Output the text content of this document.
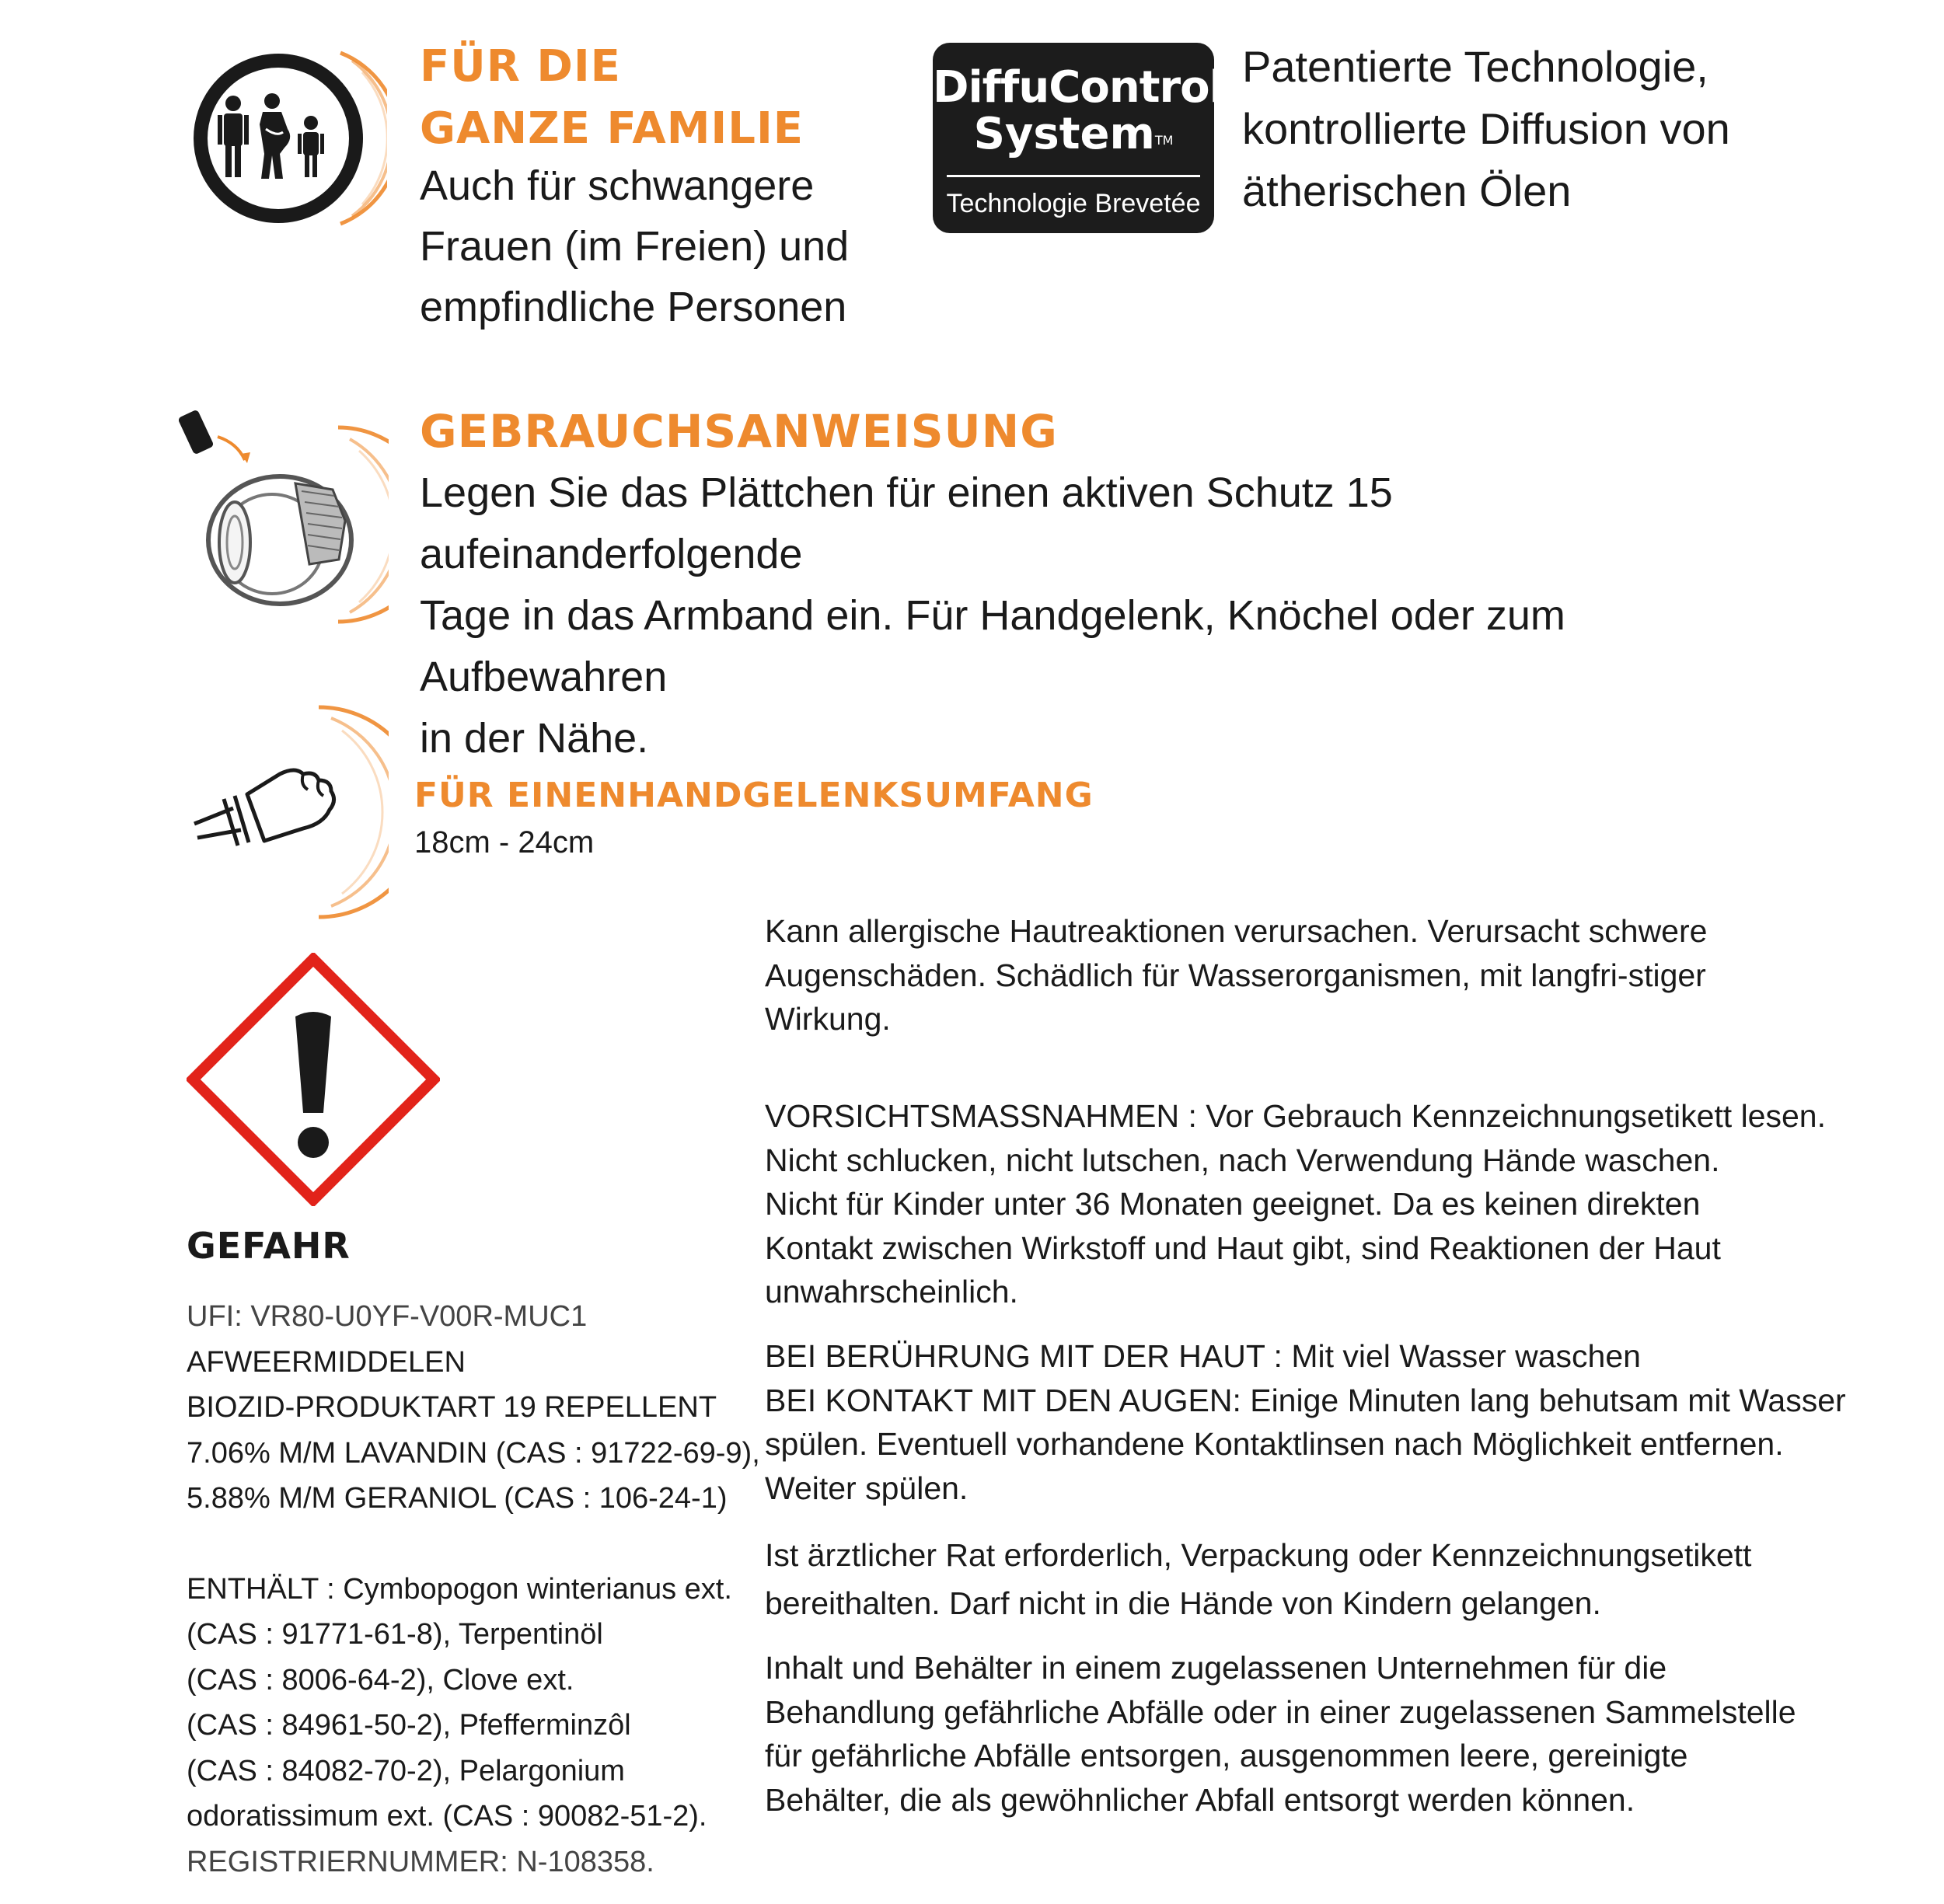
FÜR DIE
GANZE FAMILIE
Auch für schwangere
Frauen (im Freien) und
empfindliche Personen
DiffuControl
System™
Technologie Brevetée
Patentierte Technologie,
kontrollierte Diffusion von
ätherischen Ölen
GEBRAUCHSANWEISUNG
Legen Sie das Plättchen für einen aktiven Schutz 15 aufeinanderfolgende
Tage in das Armband ein. Für Handgelenk, Knöchel oder zum Aufbewahren
in der Nähe.
FÜR EINENHANDGELENKSUMFANG
18cm - 24cm
GEFAHR
UFI: VR80-U0YF-V00R-MUC1
AFWEERMIDDELEN
BIOZID-PRODUKTART 19 REPELLENT
7.06% M/M LAVANDIN (CAS : 91722-69-9),
5.88% M/M GERANIOL (CAS : 106-24-1)
ENTHÄLT : Cymbopogon winterianus ext.
(CAS : 91771-61-8), Terpentinöl
(CAS : 8006-64-2), Clove ext.
(CAS : 84961-50-2), Pfefferminzôl
(CAS : 84082-70-2), Pelargonium
odoratissimum ext. (CAS : 90082-51-2).
REGISTRIERNUMMER: N-108358.

Kann allergische Hautreaktionen verursachen. Verursacht schwere
Augenschäden. Schädlich für Wasserorganismen, mit langfri-stiger
Wirkung.

VORSICHTSMASSNAHMEN : Vor Gebrauch Kennzeichnungsetikett lesen.
Nicht schlucken, nicht lutschen, nach Verwendung Hände waschen.
Nicht für Kinder unter 36 Monaten geeignet. Da es keinen direkten
Kontakt zwischen Wirkstoff und Haut gibt, sind Reaktionen der Haut
unwahrscheinlich.

BEI BERÜHRUNG MIT DER HAUT : Mit viel Wasser waschen
BEI KONTAKT MIT DEN AUGEN: Einige Minuten lang behutsam mit Wasser
spülen. Eventuell vorhandene Kontaktlinsen nach Möglichkeit entfernen.
Weiter spülen.

Ist ärztlicher Rat erforderlich, Verpackung oder Kennzeichnungsetikett
bereithalten. Darf nicht in die Hände von Kindern gelangen.

Inhalt und Behälter in einem zugelassenen Unternehmen für die
Behandlung gefährliche Abfälle oder in einer zugelassenen Sammelstelle
für gefährliche Abfälle entsorgen, ausgenommen leere, gereinigte
Behälter, die als gewöhnlicher Abfall entsorgt werden können.
